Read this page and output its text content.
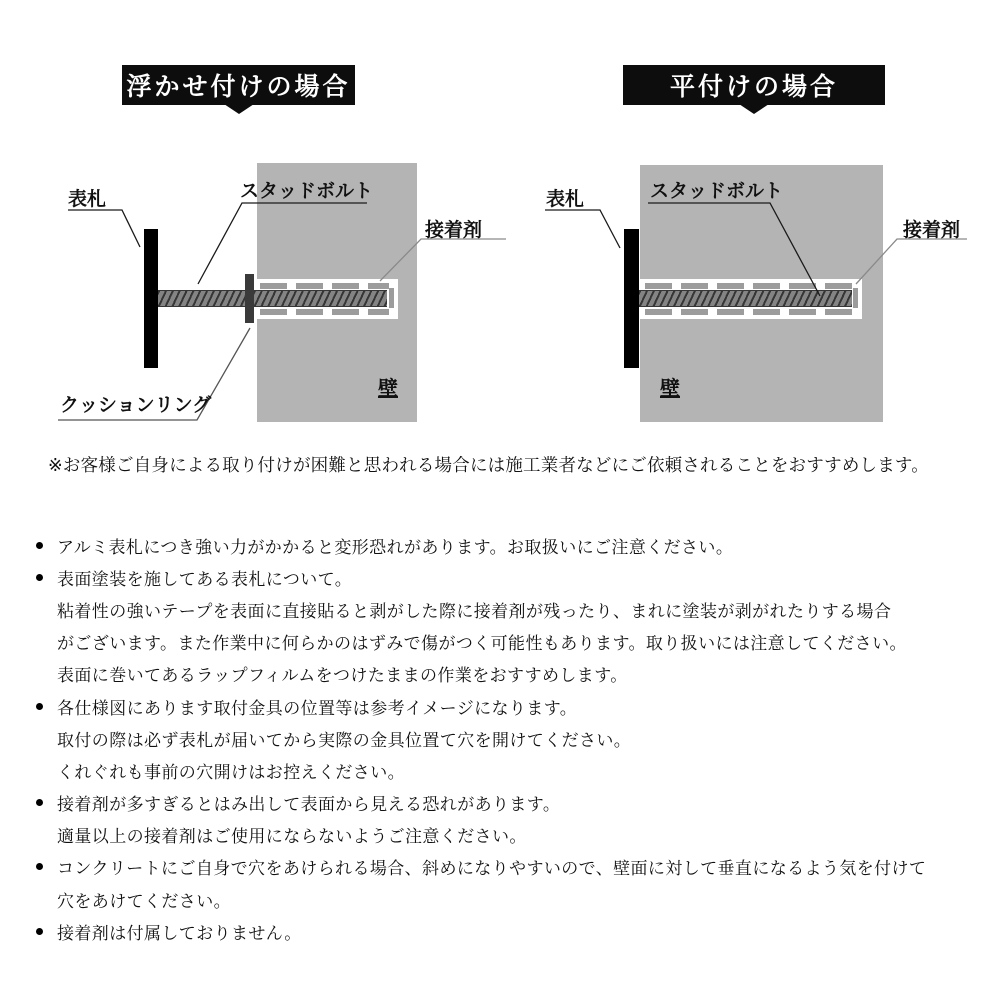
浮かせ付けの場合	平付けの場合
表札	スタッドボルト
接着剤
クッションリング
壁
表札	スタッドボルト
接着剤
壁
※お客様ご自身による取り付けが困難と思われる場合には施工業者などにご依頼されることをおすすめします。
アルミ表札につき強い力がかかると変形恐れがあります。お取扱いにご注意ください。
表面塗装を施してある表札について。
粘着性の強いテープを表面に直接貼ると剥がした際に接着剤が残ったり、まれに塗装が剥がれたりする場合
がございます。また作業中に何らかのはずみで傷がつく可能性もあります。取り扱いには注意してください。
表面に巻いてあるラップフィルムをつけたままの作業をおすすめします。
各仕様図にあります取付金具の位置等は参考イメージになります。
取付の際は必ず表札が届いてから実際の金具位置て穴を開けてください。
くれぐれも事前の穴開けはお控えください。
接着剤が多すぎるとはみ出して表面から見える恐れがあります。
適量以上の接着剤はご使用にならないようご注意ください。
コンクリートにご自身で穴をあけられる場合、斜めになりやすいので、壁面に対して垂直になるよう気を付けて
穴をあけてください。
接着剤は付属しておりません。
